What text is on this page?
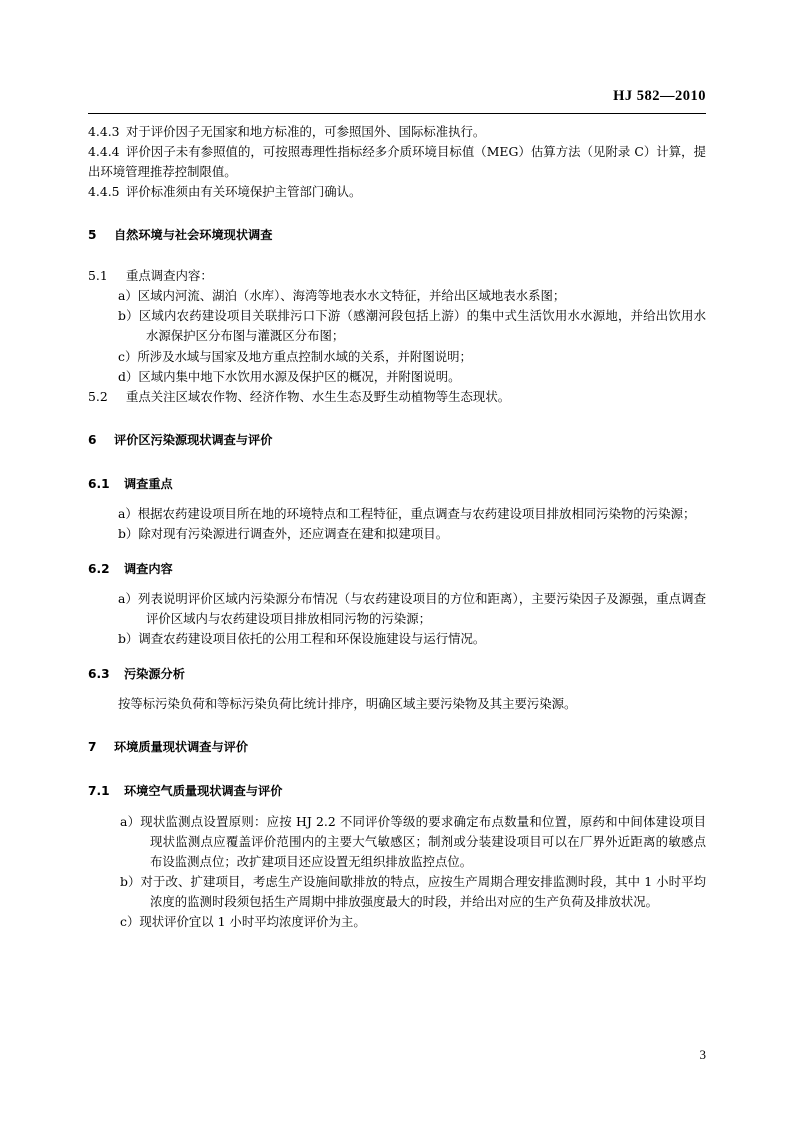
HJ 582—2010

4.4.3 对于评价因子无国家和地方标准的，可参照国外、国际标准执行。

4.4.4 评价因子未有参照值的，可按照毒理性指标经多介质环境目标值（MEG）估算方法（见附录 C）计算，提出环境管理推荐控制限值。

4.4.5 评价标准须由有关环境保护主管部门确认。

5 自然环境与社会环境现状调查

5.1 重点调查内容：

a）区域内河流、湖泊（水库）、海湾等地表水水文特征，并给出区域地表水系图；
b）区域内农药建设项目关联排污口下游（感潮河段包括上游）的集中式生活饮用水水源地，并给出饮用水水源保护区分布图与灌溉区分布图；
c）所涉及水域与国家及地方重点控制水域的关系，并附图说明；
d）区域内集中地下水饮用水源及保护区的概况，并附图说明。

5.2 重点关注区域农作物、经济作物、水生生态及野生动植物等生态现状。

6 评价区污染源现状调查与评价

6.1 调查重点

a）根据农药建设项目所在地的环境特点和工程特征，重点调查与农药建设项目排放相同污染物的污染源；
b）除对现有污染源进行调查外，还应调查在建和拟建项目。

6.2 调查内容

a）列表说明评价区域内污染源分布情况（与农药建设项目的方位和距离），主要污染因子及源强，重点调查评价区域内与农药建设项目排放相同污物的污染源；
b）调查农药建设项目依托的公用工程和环保设施建设与运行情况。

6.3 污染源分析

按等标污染负荷和等标污染负荷比统计排序，明确区域主要污染物及其主要污染源。

7 环境质量现状调查与评价

7.1 环境空气质量现状调查与评价

a）现状监测点设置原则：应按 HJ 2.2 不同评价等级的要求确定布点数量和位置，原药和中间体建设项目现状监测点应覆盖评价范围内的主要大气敏感区；制剂或分装建设项目可以在厂界外近距离的敏感点布设监测点位；改扩建项目还应设置无组织排放监控点位。
b）对于改、扩建项目，考虑生产设施间歇排放的特点，应按生产周期合理安排监测时段，其中 1 小时平均浓度的监测时段须包括生产周期中排放强度最大的时段，并给出对应的生产负荷及排放状况。
c）现状评价宜以 1 小时平均浓度评价为主。
3
